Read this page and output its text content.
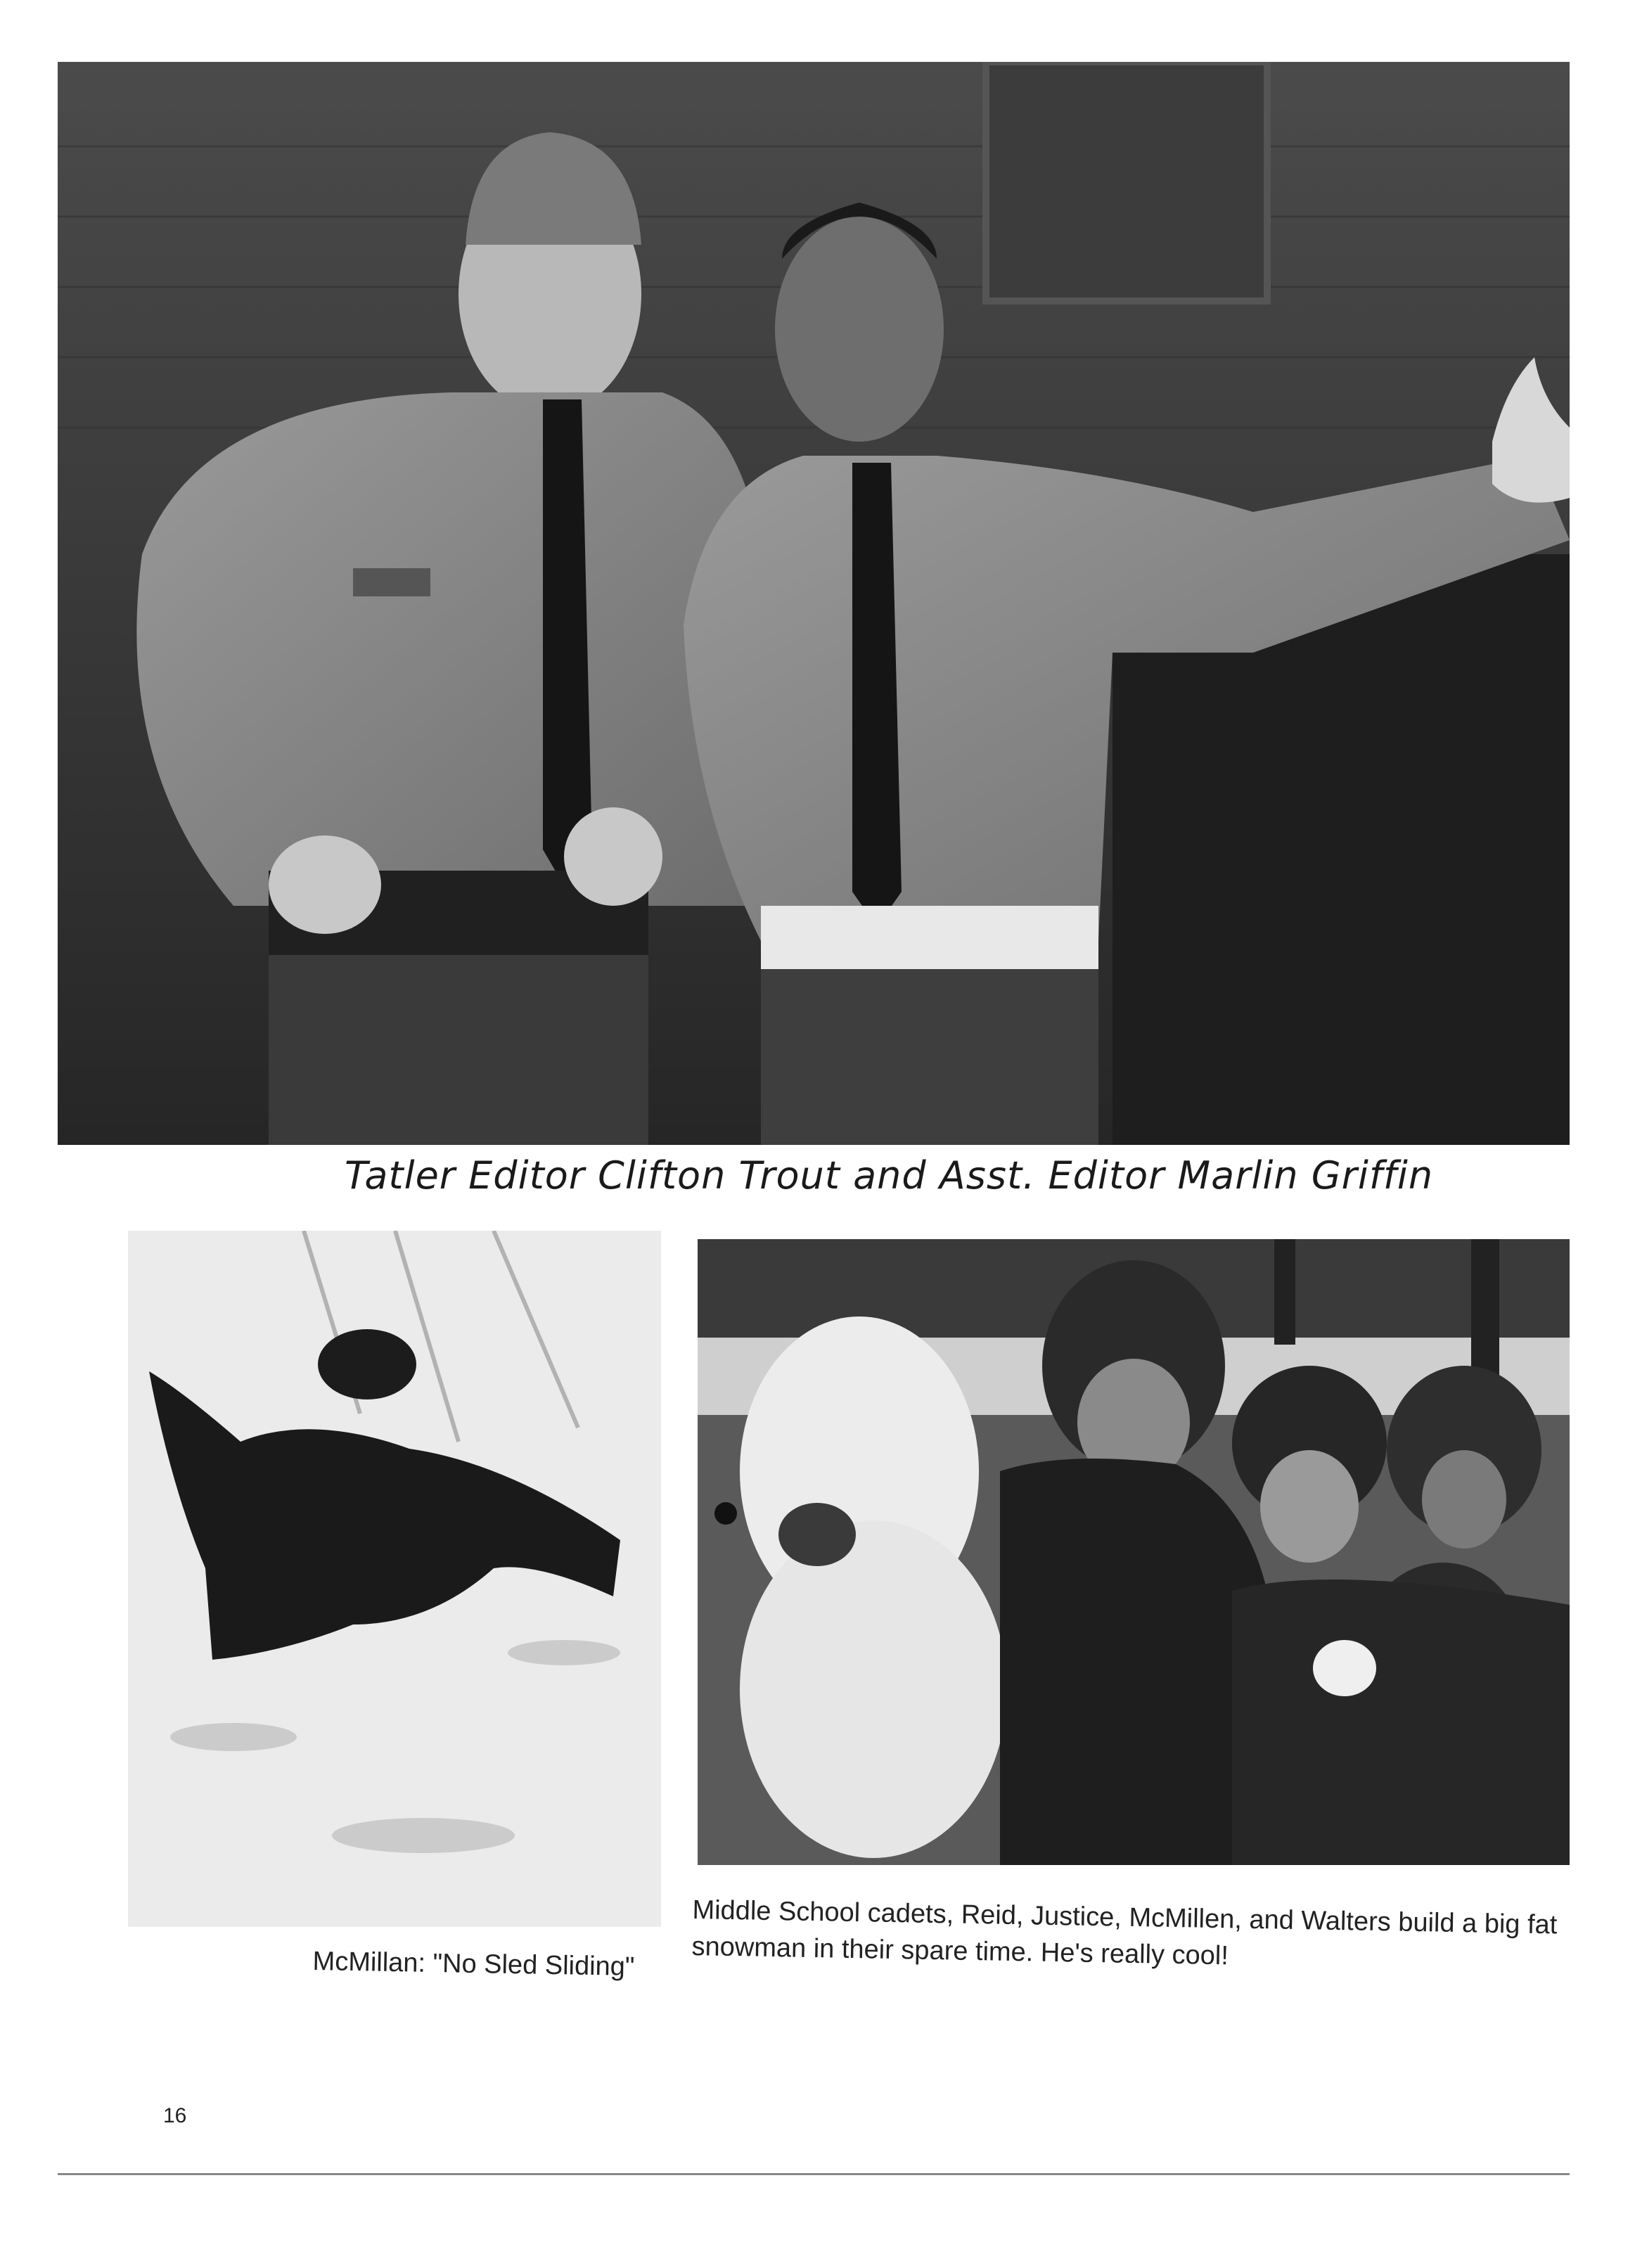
Tatler Editor Clifton Trout and Asst. Editor Marlin Griffin
McMillan: "No Sled Sliding"
Middle School cadets, Reid, Justice, McMillen, and Walters build a big fat snowman in their spare time. He's really cool!
16
